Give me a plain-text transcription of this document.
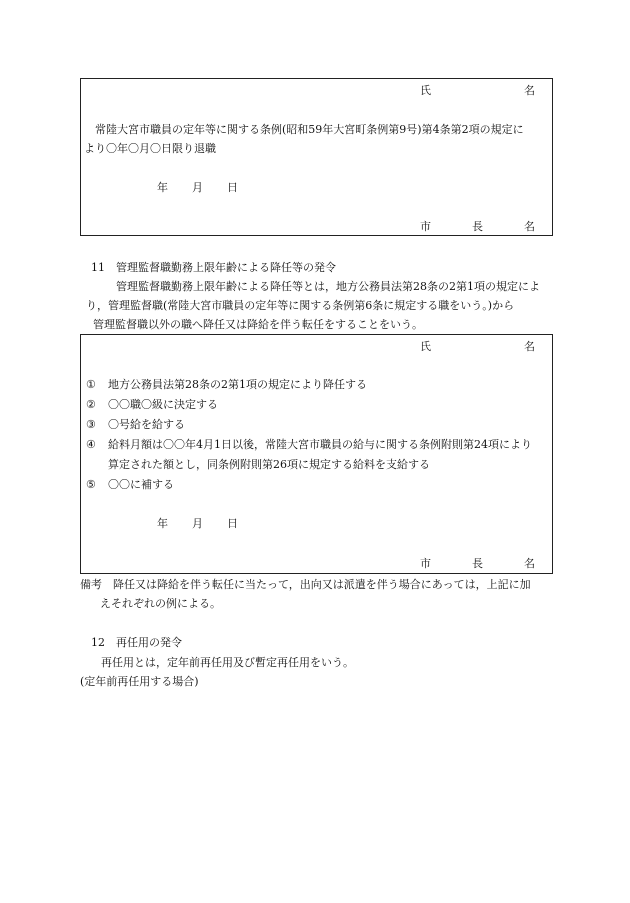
氏	名
常陸大宮市職員の定年等に関する条例(昭和59年大宮町条例第9号)第4条第2項の規定に
より〇年〇月〇日限り退職
年 月 日
市	長	名
11　管理監督職勤務上限年齢による降任等の発令
管理監督職勤務上限年齢による降任等とは，地方公務員法第28条の2第1項の規定によ
り，管理監督職(常陸大宮市職員の定年等に関する条例第6条に規定する職をいう。)から
管理監督職以外の職へ降任又は降給を伴う転任をすることをいう。
氏	名
① 地方公務員法第28条の2第1項の規定により降任する
② 〇〇職〇級に決定する
③ 〇号給を給する
④ 給料月額は〇〇年4月1日以後，常陸大宮市職員の給与に関する条例附則第24項により
算定された額とし，同条例附則第26項に規定する給料を支給する
⑤ 〇〇に補する
年 月 日
市	長	名
備考　降任又は降給を伴う転任に当たって，出向又は派遣を伴う場合にあっては，上記に加
えそれぞれの例による。
12　再任用の発令
再任用とは，定年前再任用及び暫定再任用をいう。
(定年前再任用する場合)
